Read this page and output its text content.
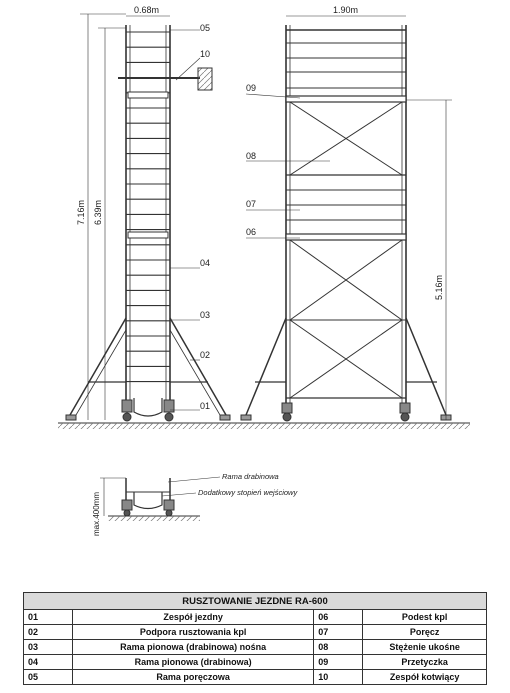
0.68m
7.16m 6.39m
05
10
04
03
02
01
1.90m
5.16m
09
08
07
06
max.400mm
Rama drabinowa
Dodatkowy stopień wejściowy
RUSZTOWANIE JEZDNE RA-600			
01	Zespół jezdny	06	Podest kpl
02	Podpora rusztowania kpl	07	Poręcz
03	Rama pionowa (drabinowa) nośna	08	Stężenie ukośne
04	Rama pionowa (drabinowa)	09	Przetyczka
05	Rama poręczowa	10	Zespół kotwiący
